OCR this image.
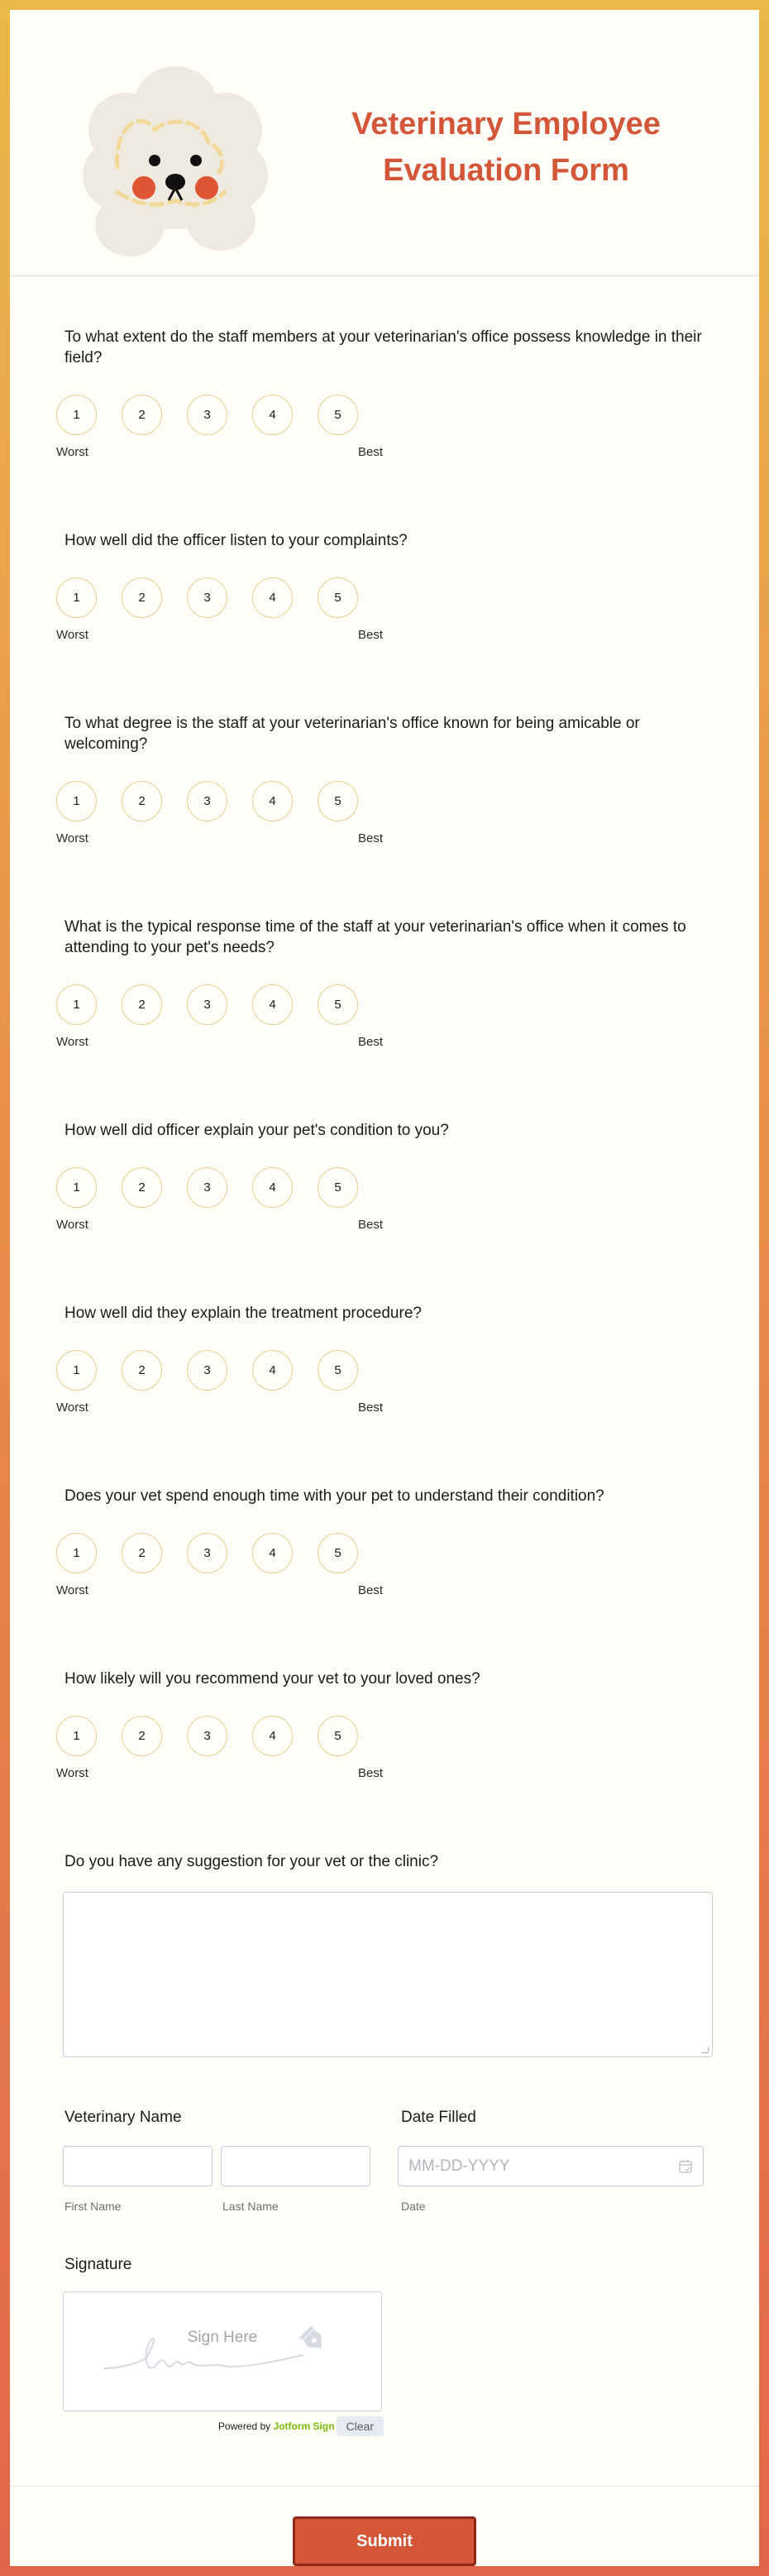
Veterinary Employee
Evaluation Form
To what extent do the staff members at your veterinarian's office possess knowledge in their field?
1	2	3	4	5
Worst	Best
How well did the officer listen to your complaints?
1	2	3	4	5
Worst	Best
To what degree is the staff at your veterinarian's office known for being amicable or welcoming?
1	2	3	4	5
Worst	Best
What is the typical response time of the staff at your veterinarian's office when it comes to attending to your pet's needs?
1	2	3	4	5
Worst	Best
How well did officer explain your pet's condition to you?
1	2	3	4	5
Worst	Best
How well did they explain the treatment procedure?
1	2	3	4	5
Worst	Best
Does your vet spend enough time with your pet to understand their condition?
1	2	3	4	5
Worst	Best
How likely will you recommend your vet to your loved ones?
1	2	3	4	5
Worst	Best
Do you have any suggestion for your vet or the clinic?
Veterinary Name
First Name	Last Name
Date Filled
MM-DD-YYYY
Date
Signature
Sign Here
Powered by Jotform Sign	Clear
Submit
